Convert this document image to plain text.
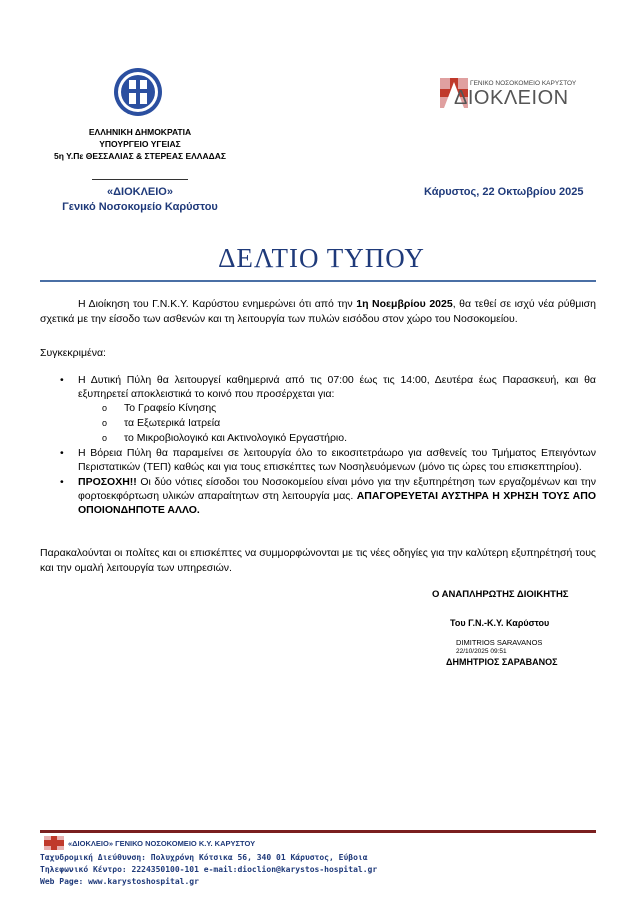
ΕΛΛΗΝΙΚΗ ΔΗΜΟΚΡΑΤΙΑ
ΥΠΟΥΡΓΕΙΟ ΥΓΕΙΑΣ
5η Υ.Πε ΘΕΣΣΑΛΙΑΣ & ΣΤΕΡΕΑΣ ΕΛΛΑΔΑΣ
«ΔΙΟΚΛΕΙΟ»
Γενικό Νοσοκομείο Καρύστου
ΓΕΝΙΚΟ ΝΟΣΟΚΟΜΕΙΟ ΚΑΡΥΣΤΟΥ
ΔΙΟΚΛΕΙΟΝ
Κάρυστος, 22 Οκτωβρίου 2025
ΔΕΛΤΙΟ ΤΥΠΟΥ
Η Διοίκηση του Γ.Ν.Κ.Υ. Καρύστου ενημερώνει ότι από την 1η Νοεμβρίου 2025, θα τεθεί σε ισχύ νέα ρύθμιση σχετικά με την είσοδο των ασθενών και τη λειτουργία των πυλών εισόδου στον χώρο του Νοσοκομείου.
Συγκεκριμένα:
• Η Δυτική Πύλη θα λειτουργεί καθημερινά από τις 07:00 έως τις 14:00, Δευτέρα έως Παρασκευή, και θα εξυπηρετεί αποκλειστικά το κοινό που προσέρχεται για:
o Το Γραφείο Κίνησης
o τα Εξωτερικά Ιατρεία
o το Μικροβιολογικό και Ακτινολογικό Εργαστήριο.
• Η Βόρεια Πύλη θα παραμείνει σε λειτουργία όλο το εικοσιτετράωρο για ασθενείς του Τμήματος Επειγόντων Περιστατικών (ΤΕΠ) καθώς και για τους επισκέπτες των Νοσηλευόμενων (μόνο τις ώρες του επισκεπτηρίου).
• ΠΡΟΣΟΧΗ!! Οι δύο νότιες είσοδοι του Νοσοκομείου είναι μόνο για την εξυπηρέτηση των εργαζομένων και την φορτοεκφόρτωση υλικών απαραίτητων στη λειτουργία μας. ΑΠΑΓΟΡΕΥΕΤΑΙ ΑΥΣΤΗΡΑ Η ΧΡΗΣΗ ΤΟΥΣ ΑΠΟ ΟΠΟΙΟΝΔΗΠΟΤΕ ΑΛΛΟ.
Παρακαλούνται οι πολίτες και οι επισκέπτες να συμμορφώνονται με τις νέες οδηγίες για την καλύτερη εξυπηρέτησή τους και την ομαλή λειτουργία των υπηρεσιών.
Ο ΑΝΑΠΛΗΡΩΤΗΣ ΔΙΟΙΚΗΤΗΣ
Του Γ.Ν.-Κ.Υ. Καρύστου
DIMITRIOS SARAVANOS
22/10/2025 09:51
ΔΗΜΗΤΡΙΟΣ ΣΑΡΑΒΑΝΟΣ
«ΔΙΟΚΛΕΙΟ» ΓΕΝΙΚΟ ΝΟΣΟΚΟΜΕΙΟ Κ.Υ. ΚΑΡΥΣΤΟΥ
Ταχυδρομική Διεύθυνση: Πολυχρόνη Κότσικα 56, 340 01 Κάρυστος, Εύβοια
Τηλεφωνικό Κέντρο: 2224350100-101 e-mail:dioclion@karystos-hospital.gr
Web Page: www.karystoshospital.gr
